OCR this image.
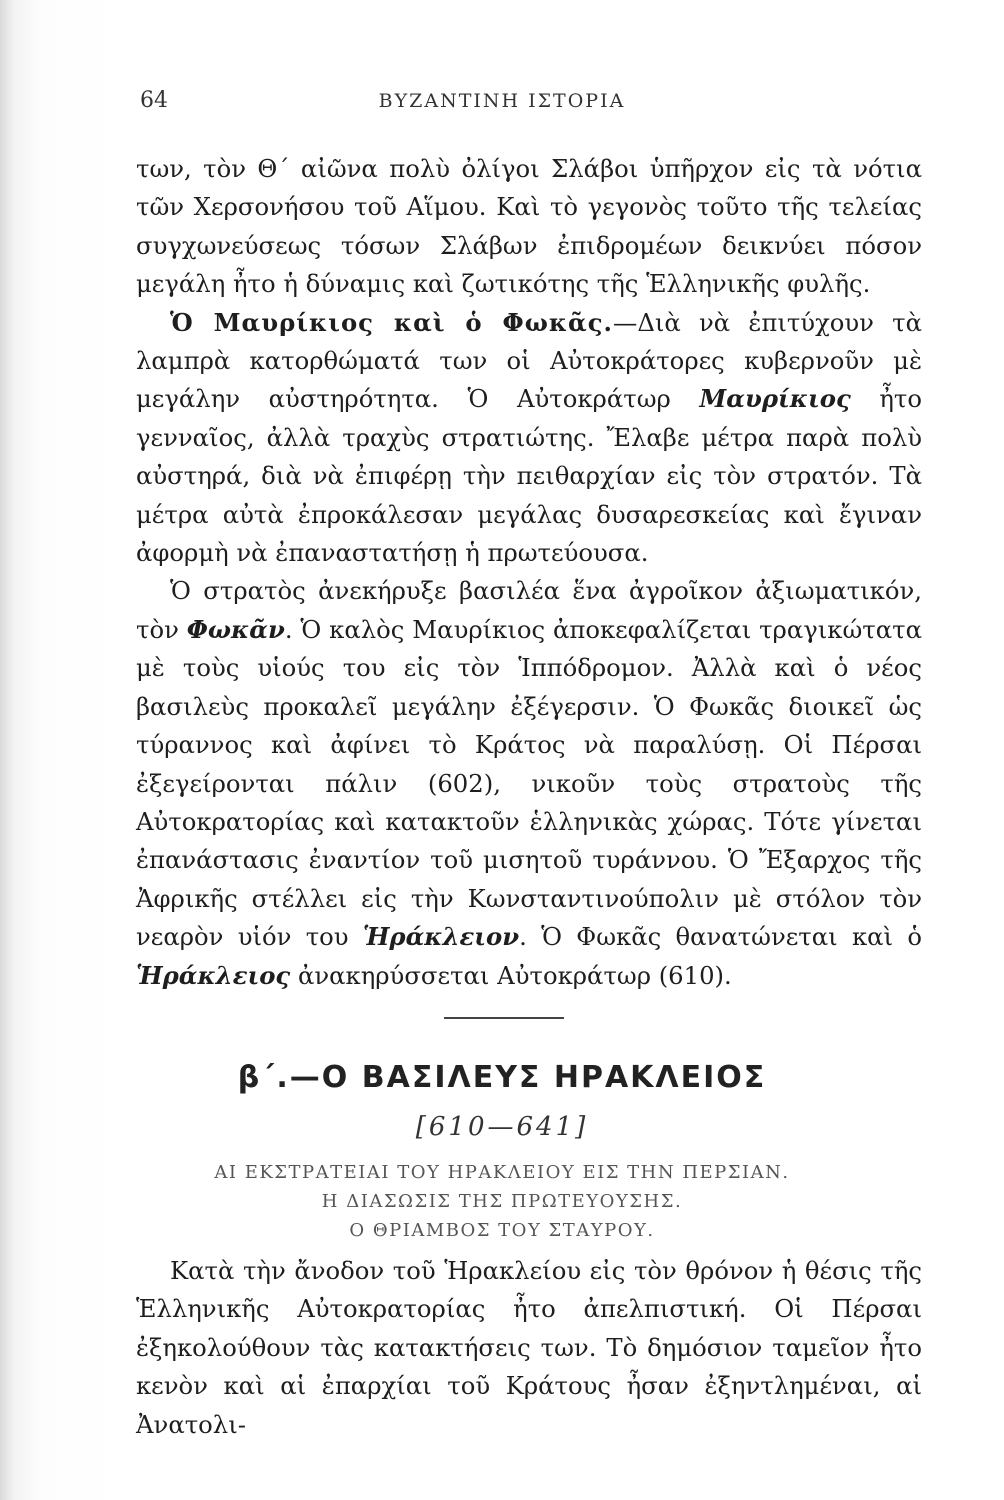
64	ΒΥΖΑΝΤΙΝΗ ΙΣΤΟΡΙΑ

των, τὸν Θ΄ αἰῶνα πολὺ ὀλίγοι Σλάβοι ὑπῆρχον εἰς τὰ νότια τῶν Χερσονήσου τοῦ Αἵμου. Καὶ τὸ γεγονὸς τοῦτο τῆς τελείας συγχωνεύσεως τόσων Σλάβων ἐπιδρομέων δεικνύει πόσον μεγάλη ἦτο ἡ δύναμις καὶ ζωτικότης τῆς Ἑλληνικῆς φυλῆς.

Ὁ Μαυρίκιος καὶ ὁ Φωκᾶς.—Διὰ νὰ ἐπιτύχουν τὰ λαμπρὰ κατορθώματά των οἱ Αὐτοκράτορες κυβερνοῦν μὲ μεγάλην αὐστηρότητα. Ὁ Αὐτοκράτωρ Μαυρίκιος ἦτο γενναῖος, ἀλλὰ τραχὺς στρατιώτης. Ἔλαβε μέτρα παρὰ πολὺ αὐστηρά, διὰ νὰ ἐπιφέρῃ τὴν πειθαρχίαν εἰς τὸν στρατόν. Τὰ μέτρα αὐτὰ ἐπροκάλεσαν μεγάλας δυσαρεσκείας καὶ ἔγιναν ἀφορμὴ νὰ ἐπαναστατήσῃ ἡ πρωτεύουσα.

Ὁ στρατὸς ἀνεκήρυξε βασιλέα ἕνα ἀγροῖκον ἀξιωματικόν, τὸν Φωκᾶν. Ὁ καλὸς Μαυρίκιος ἀποκεφαλίζεται τραγικώτατα μὲ τοὺς υἱούς του εἰς τὸν Ἱππόδρομον. Ἀλλὰ καὶ ὁ νέος βασιλεὺς προκαλεῖ μεγάλην ἐξέγερσιν. Ὁ Φωκᾶς διοικεῖ ὡς τύραννος καὶ ἀφίνει τὸ Κράτος νὰ παραλύσῃ. Οἱ Πέρσαι ἐξεγείρονται πάλιν (602), νικοῦν τοὺς στρατοὺς τῆς Αὐτοκρατορίας καὶ κατακτοῦν ἑλληνικὰς χώρας. Τότε γίνεται ἐπανάστασις ἐναντίον τοῦ μισητοῦ τυράννου. Ὁ Ἔξαρχος τῆς Ἀφρικῆς στέλλει εἰς τὴν Κωνσταντινούπολιν μὲ στόλον τὸν νεαρὸν υἱόν του Ἡράκλειον. Ὁ Φωκᾶς θανατώνεται καὶ ὁ Ἡράκλειος ἀνακηρύσσεται Αὐτοκράτωρ (610).

β΄.—Ο ΒΑΣΙΛΕΥΣ ΗΡΑΚΛΕΙΟΣ
[610—641]
ΑΙ ΕΚΣΤΡΑΤΕΙΑΙ ΤΟΥ ΗΡΑΚΛΕΙΟΥ ΕΙΣ ΤΗΝ ΠΕΡΣΙΑΝ.
Η ΔΙΑΣΩΣΙΣ ΤΗΣ ΠΡΩΤΕΥΟΥΣΗΣ.
Ο ΘΡΙΑΜΒΟΣ ΤΟΥ ΣΤΑΥΡΟΥ.

Κατὰ τὴν ἄνοδον τοῦ Ἡρακλείου εἰς τὸν θρόνον ἡ θέσις τῆς Ἑλληνικῆς Αὐτοκρατορίας ἦτο ἀπελπιστική. Οἱ Πέρσαι ἐξηκολούθουν τὰς κατακτήσεις των. Τὸ δημόσιον ταμεῖον ἦτο κενὸν καὶ αἱ ἐπαρχίαι τοῦ Κράτους ἦσαν ἐξηντλημέναι, αἱ Ἀνατολι-
